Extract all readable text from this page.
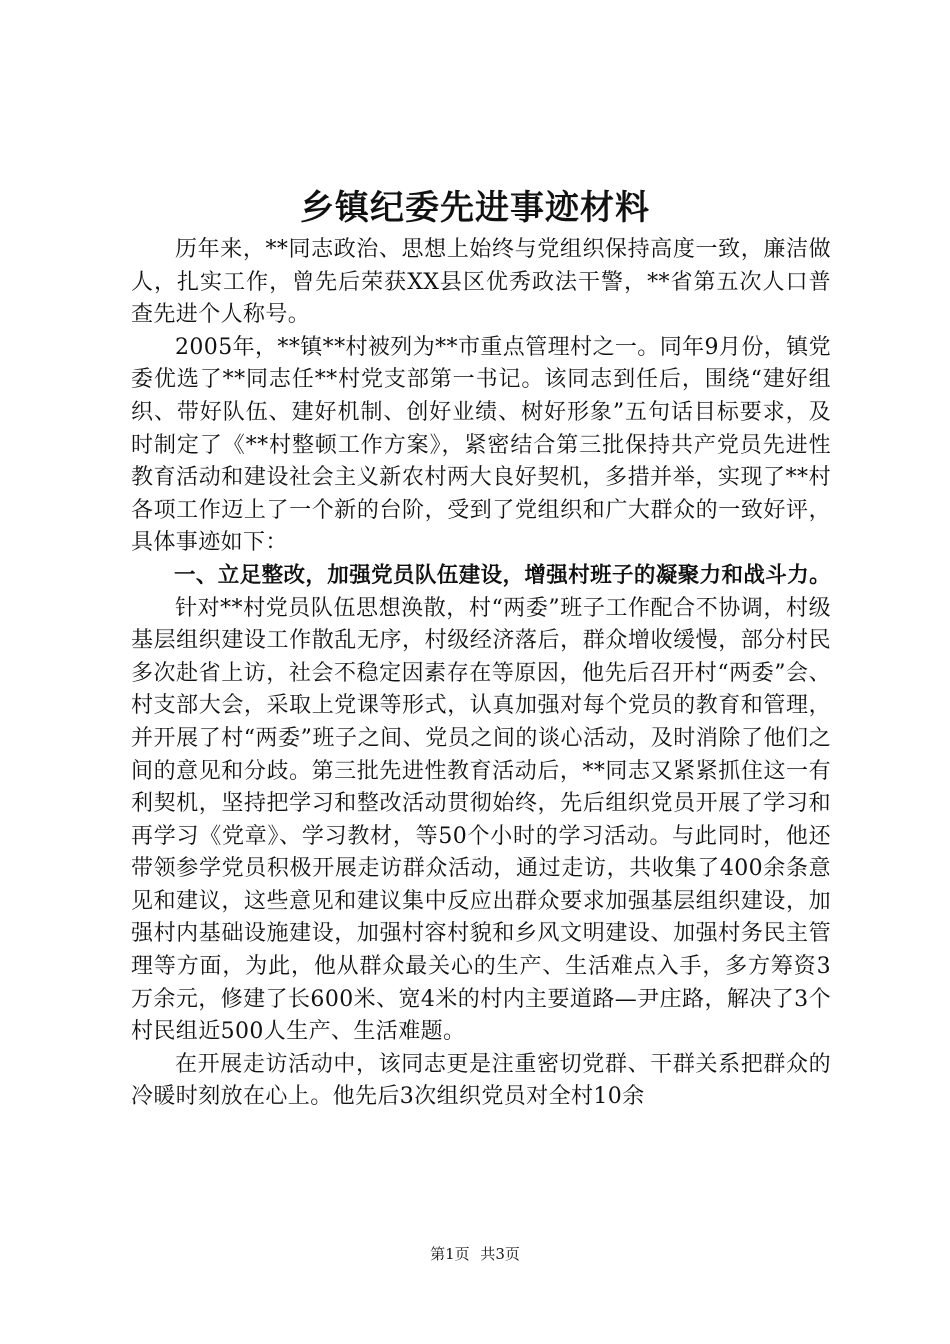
乡镇纪委先进事迹材料

历年来，**同志政治、思想上始终与党组织保持高度一致，廉洁做人，扎实工作，曾先后荣获XX县区优秀政法干警，**省第五次人口普查先进个人称号。

2005年，**镇**村被列为**市重点管理村之一。同年9月份，镇党委优选了**同志任**村党支部第一书记。该同志到任后，围绕“建好组织、带好队伍、建好机制、创好业绩、树好形象”五句话目标要求，及时制定了《**村整顿工作方案》，紧密结合第三批保持共产党员先进性教育活动和建设社会主义新农村两大良好契机，多措并举，实现了**村各项工作迈上了一个新的台阶，受到了党组织和广大群众的一致好评，具体事迹如下：

一、立足整改，加强党员队伍建设，增强村班子的凝聚力和战斗力。

针对**村党员队伍思想涣散，村“两委”班子工作配合不协调，村级基层组织建设工作散乱无序，村级经济落后，群众增收缓慢，部分村民多次赴省上访，社会不稳定因素存在等原因，他先后召开村“两委”会、村支部大会，采取上党课等形式，认真加强对每个党员的教育和管理，并开展了村“两委”班子之间、党员之间的谈心活动，及时消除了他们之间的意见和分歧。第三批先进性教育活动后，**同志又紧紧抓住这一有利契机，坚持把学习和整改活动贯彻始终，先后组织党员开展了学习和再学习《党章》、学习教材，等50个小时的学习活动。与此同时，他还带领参学党员积极开展走访群众活动，通过走访，共收集了400余条意见和建议，这些意见和建议集中反应出群众要求加强基层组织建设，加强村内基础设施建设，加强村容村貌和乡风文明建设、加强村务民主管理等方面，为此，他从群众最关心的生产、生活难点入手，多方筹资3万余元，修建了长600米、宽4米的村内主要道路—尹庄路，解决了3个村民组近500人生产、生活难题。

在开展走访活动中，该同志更是注重密切党群、干群关系把群众的冷暖时刻放在心上。他先后3次组织党员对全村10余

第1页 共3页
